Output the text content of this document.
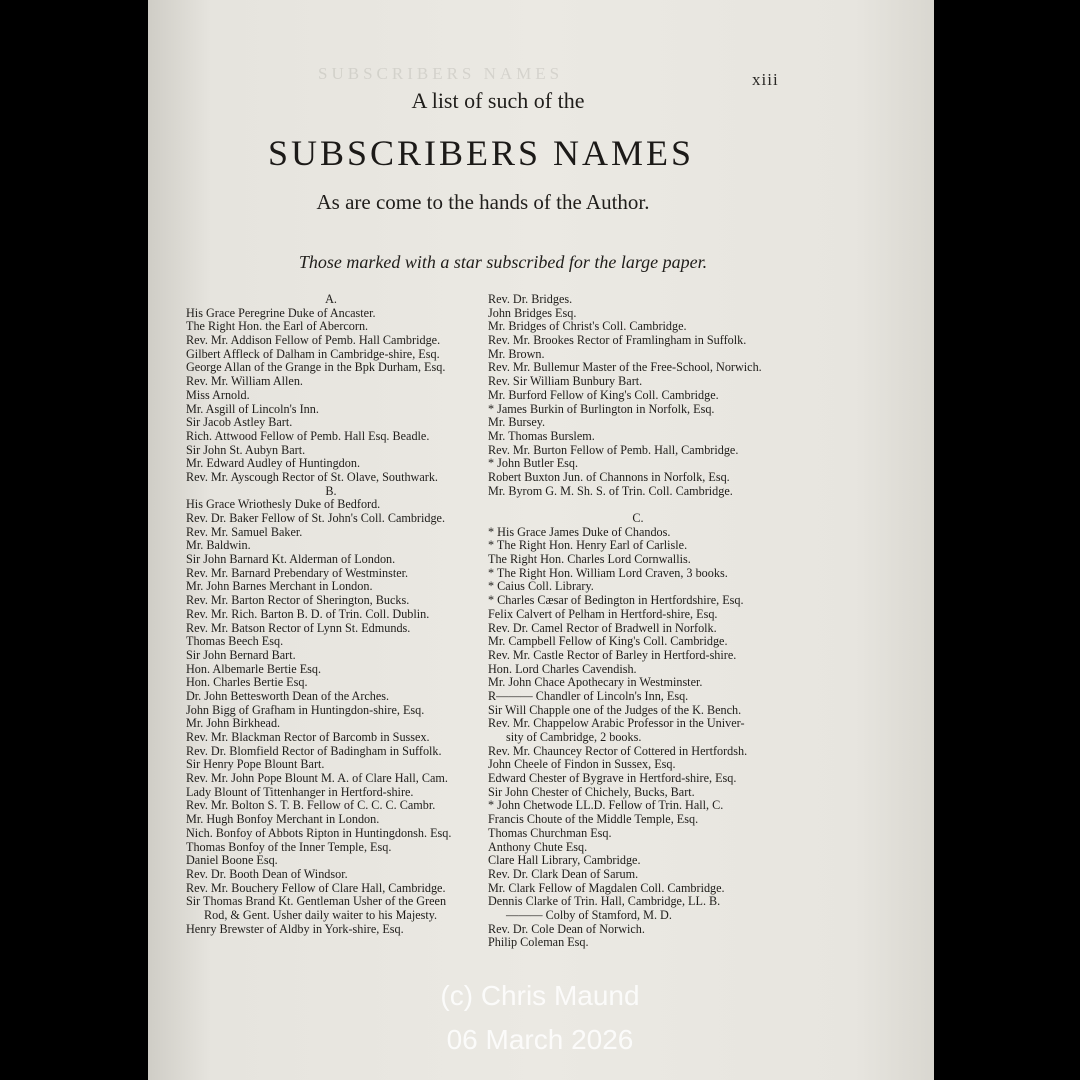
SUBSCRIBERS NAMES	xiii
A list of such of the
SUBSCRIBERS NAMES
As are come to the hands of the Author.
Those marked with a star subscribed for the large paper.
A.
His Grace Peregrine Duke of Ancaster.
The Right Hon. the Earl of Abercorn.
Rev. Mr. Addison Fellow of Pemb. Hall Cambridge.
Gilbert Affleck of Dalham in Cambridge-shire, Esq.
George Allan of the Grange in the Bpk Durham, Esq.
Rev. Mr. William Allen.
Miss Arnold.
Mr. Asgill of Lincoln's Inn.
Sir Jacob Astley Bart.
Rich. Attwood Fellow of Pemb. Hall Esq. Beadle.
Sir John St. Aubyn Bart.
Mr. Edward Audley of Huntingdon.
Rev. Mr. Ayscough Rector of St. Olave, Southwark.
B.
His Grace Wriothesly Duke of Bedford.
Rev. Dr. Baker Fellow of St. John's Coll. Cambridge.
Rev. Mr. Samuel Baker.
Mr. Baldwin.
Sir John Barnard Kt. Alderman of London.
Rev. Mr. Barnard Prebendary of Westminster.
Mr. John Barnes Merchant in London.
Rev. Mr. Barton Rector of Sherington, Bucks.
Rev. Mr. Rich. Barton B. D. of Trin. Coll. Dublin.
Rev. Mr. Batson Rector of Lynn St. Edmunds.
Thomas Beech Esq.
Sir John Bernard Bart.
Hon. Albemarle Bertie Esq.
Hon. Charles Bertie Esq.
Dr. John Bettesworth Dean of the Arches.
John Bigg of Grafham in Huntingdon-shire, Esq.
Mr. John Birkhead.
Rev. Mr. Blackman Rector of Barcomb in Sussex.
Rev. Dr. Blomfield Rector of Badingham in Suffolk.
Sir Henry Pope Blount Bart.
Rev. Mr. John Pope Blount M. A. of Clare Hall, Cam.
Lady Blount of Tittenhanger in Hertford-shire.
Rev. Mr. Bolton S. T. B. Fellow of C. C. C. Cambr.
Mr. Hugh Bonfoy Merchant in London.
Nich. Bonfoy of Abbots Ripton in Huntingdonsh. Esq.
Thomas Bonfoy of the Inner Temple, Esq.
Daniel Boone Esq.
Rev. Dr. Booth Dean of Windsor.
Rev. Mr. Bouchery Fellow of Clare Hall, Cambridge.
Sir Thomas Brand Kt. Gentleman Usher of the Green
Rod, & Gent. Usher daily waiter to his Majesty.
Henry Brewster of Aldby in York-shire, Esq.
Rev. Dr. Bridges.
John Bridges Esq.
Mr. Bridges of Christ's Coll. Cambridge.
Rev. Mr. Brookes Rector of Framlingham in Suffolk.
Mr. Brown.
Rev. Mr. Bullemur Master of the Free-School, Norwich.
Rev. Sir William Bunbury Bart.
Mr. Burford Fellow of King's Coll. Cambridge.
* James Burkin of Burlington in Norfolk, Esq.
Mr. Bursey.
Mr. Thomas Burslem.
Rev. Mr. Burton Fellow of Pemb. Hall, Cambridge.
* John Butler Esq.
Robert Buxton Jun. of Channons in Norfolk, Esq.
Mr. Byrom G. M. Sh. S. of Trin. Coll. Cambridge.
C.
* His Grace James Duke of Chandos.
* The Right Hon. Henry Earl of Carlisle.
The Right Hon. Charles Lord Cornwallis.
* The Right Hon. William Lord Craven, 3 books.
* Caius Coll. Library.
* Charles Cæsar of Bedington in Hertfordshire, Esq.
Felix Calvert of Pelham in Hertford-shire, Esq.
Rev. Dr. Camel Rector of Bradwell in Norfolk.
Mr. Campbell Fellow of King's Coll. Cambridge.
Rev. Mr. Castle Rector of Barley in Hertford-shire.
Hon. Lord Charles Cavendish.
Mr. John Chace Apothecary in Westminster.
R——— Chandler of Lincoln's Inn, Esq.
Sir Will Chapple one of the Judges of the K. Bench.
Rev. Mr. Chappelow Arabic Professor in the Univer-
sity of Cambridge, 2 books.
Rev. Mr. Chauncey Rector of Cottered in Hertfordsh.
John Cheele of Findon in Sussex, Esq.
Edward Chester of Bygrave in Hertford-shire, Esq.
Sir John Chester of Chichely, Bucks, Bart.
* John Chetwode LL.D. Fellow of Trin. Hall, C.
Francis Choute of the Middle Temple, Esq.
Thomas Churchman Esq.
Anthony Chute Esq.
Clare Hall Library, Cambridge.
Rev. Dr. Clark Dean of Sarum.
Mr. Clark Fellow of Magdalen Coll. Cambridge.
Dennis Clarke of Trin. Hall, Cambridge, LL. B.
——— Colby of Stamford, M. D.
Rev. Dr. Cole Dean of Norwich.
Philip Coleman Esq.
(c) Chris Maund
06 March 2026
